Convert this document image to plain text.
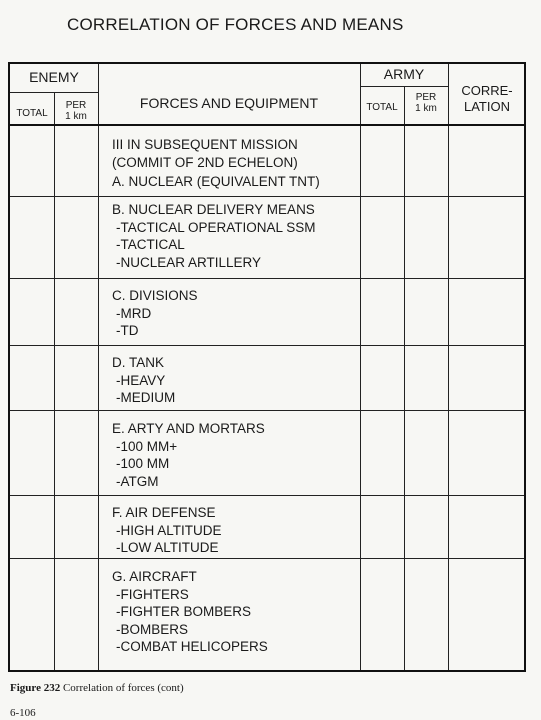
CORRELATION OF FORCES AND MEANS
ENEMY
TOTAL
PER
1 km
FORCES AND EQUIPMENT
ARMY
TOTAL
PER
1 km
CORRE-
LATION
III IN SUBSEQUENT MISSION
(COMMIT OF 2ND ECHELON)
A. NUCLEAR (EQUIVALENT TNT)
B. NUCLEAR DELIVERY MEANS
-TACTICAL OPERATIONAL SSM
-TACTICAL
-NUCLEAR ARTILLERY
C. DIVISIONS
-MRD
-TD
D. TANK
-HEAVY
-MEDIUM
E. ARTY AND MORTARS
-100 MM+
-100 MM
-ATGM
F. AIR DEFENSE
-HIGH ALTITUDE
-LOW ALTITUDE
G. AIRCRAFT
-FIGHTERS
-FIGHTER BOMBERS
-BOMBERS
-COMBAT HELICOPERS
Figure 232 Correlation of forces (cont)
6-106
